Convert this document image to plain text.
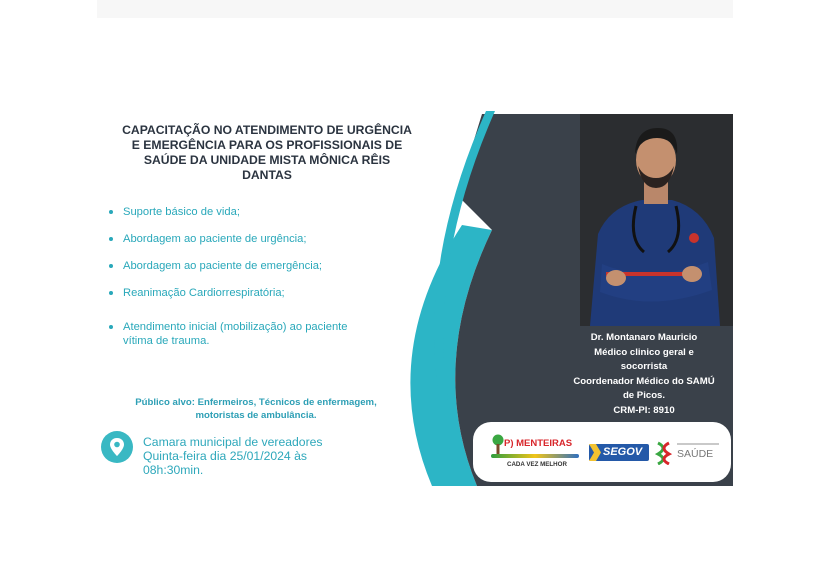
CAPACITAÇÃO NO ATENDIMENTO DE URGÊNCIA
E EMERGÊNCIA PARA OS PROFISSIONAIS DE
SAÚDE DA UNIDADE MISTA MÔNICA RÊIS
DANTAS
Suporte básico de vida;
Abordagem ao paciente de urgência;
Abordagem ao paciente de emergência;
Reanimação Cardiorrespiratória;
Atendimento inicial (mobilização) ao paciente
vítima de trauma.
Público alvo: Enfermeiros, Técnicos de enfermagem,
motoristas de ambulância.
Camara municipal de vereadores
Quinta-feira dia 25/01/2024 às
08h:30min.
Dr. Montanaro Mauricio
Médico clinico geral e
socorrista
Coordenador Médico do SAMÚ
de Picos.
CRM-PI: 8910
P) MENTEIRAS
CADA VEZ MELHOR
SEGOV	SAÚDE
